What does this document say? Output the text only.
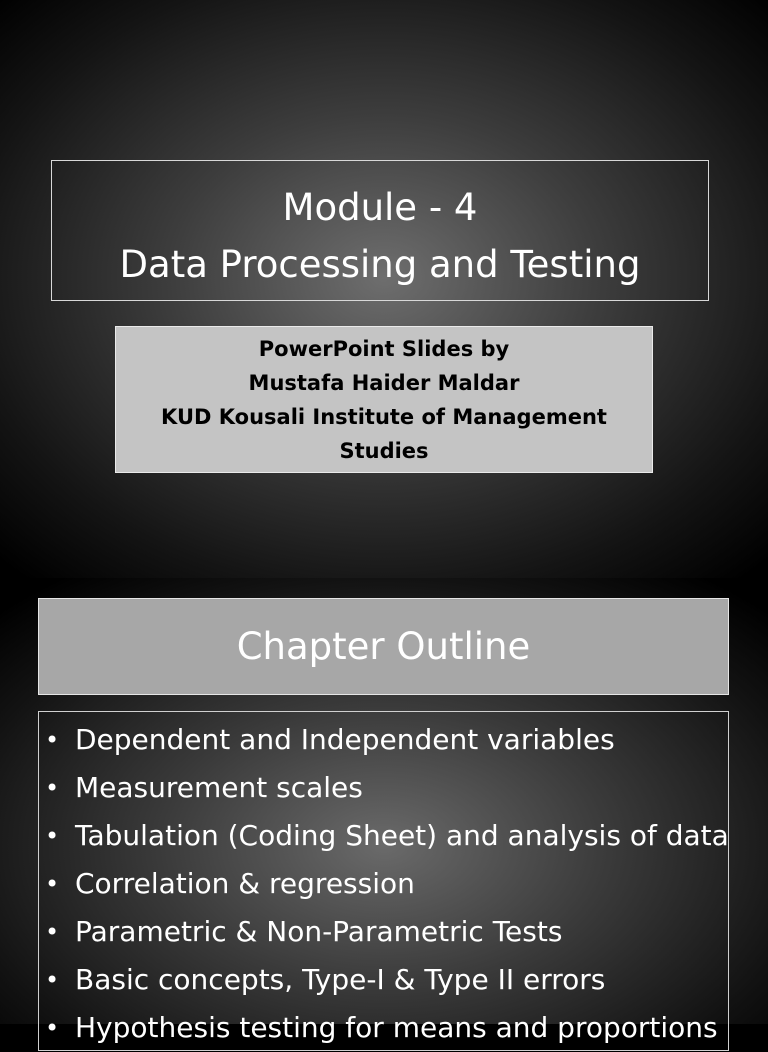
Module - 4
Data Processing and Testing
PowerPoint Slides by
Mustafa Haider Maldar
KUD Kousali Institute of Management Studies
Chapter Outline
• Dependent and Independent variables
• Measurement scales
• Tabulation (Coding Sheet) and analysis of data
• Correlation & regression
• Parametric & Non-Parametric Tests
• Basic concepts, Type-I & Type II errors
• Hypothesis testing for means and proportions
